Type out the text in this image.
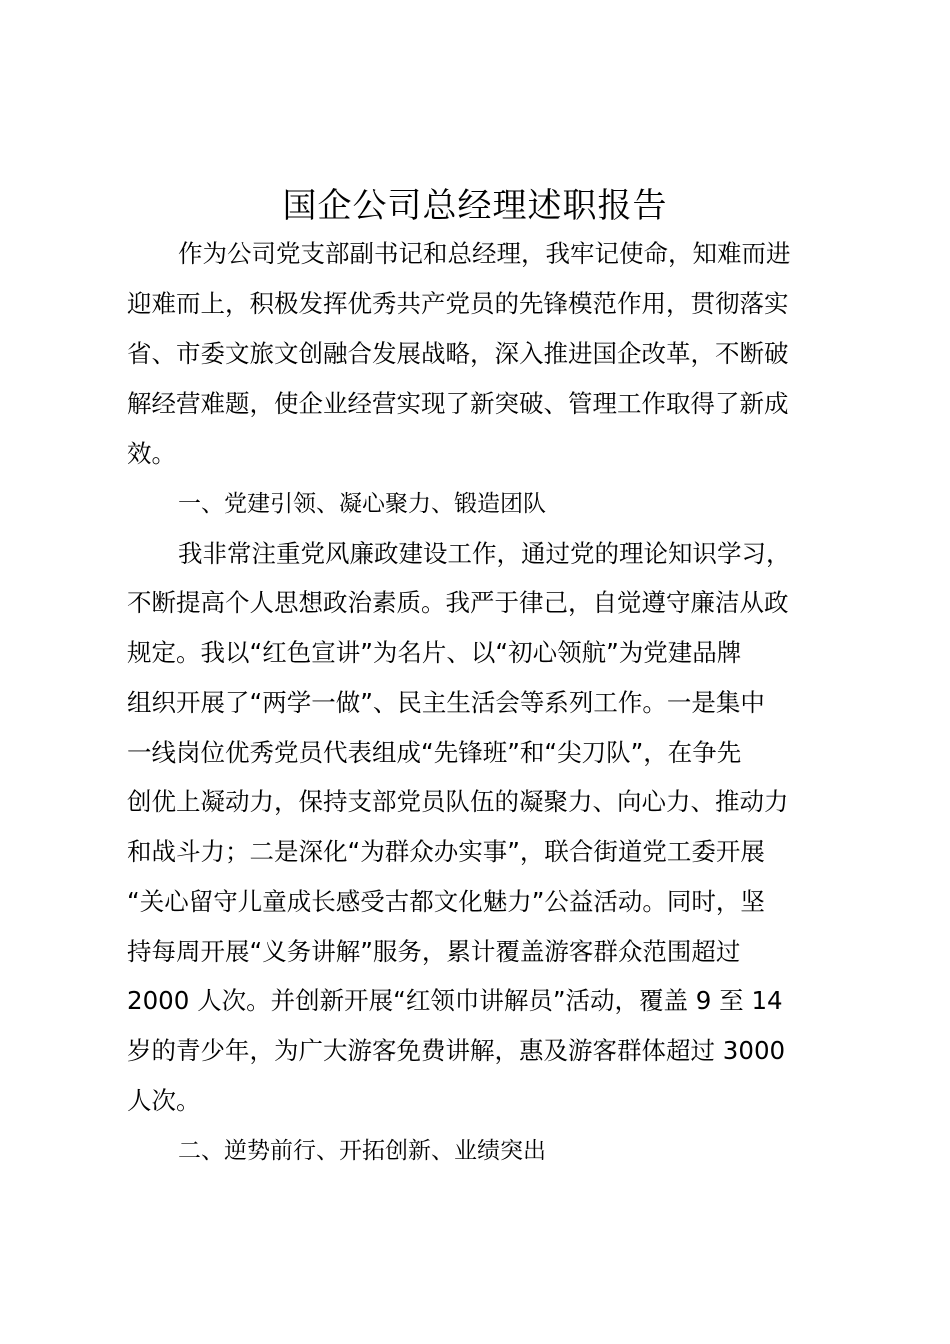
国企公司总经理述职报告
作为公司党支部副书记和总经理，我牢记使命，知难而进
迎难而上，积极发挥优秀共产党员的先锋模范作用，贯彻落实
省、市委文旅文创融合发展战略，深入推进国企改革，不断破
解经营难题，使企业经营实现了新突破、管理工作取得了新成
效。
一、党建引领、凝心聚力、锻造团队
我非常注重党风廉政建设工作，通过党的理论知识学习，
不断提高个人思想政治素质。我严于律己，自觉遵守廉洁从政
规定。我以“红色宣讲”为名片、以“初心领航”为党建品牌
组织开展了“两学一做”、民主生活会等系列工作。一是集中
一线岗位优秀党员代表组成“先锋班”和“尖刀队”，在争先
创优上凝动力，保持支部党员队伍的凝聚力、向心力、推动力
和战斗力；二是深化“为群众办实事”，联合街道党工委开展
“关心留守儿童成长感受古都文化魅力”公益活动。同时，坚
持每周开展“义务讲解”服务，累计覆盖游客群众范围超过
2000 人次。并创新开展“红领巾讲解员”活动，覆盖 9 至 14
岁的青少年，为广大游客免费讲解，惠及游客群体超过 3000
人次。
二、逆势前行、开拓创新、业绩突出
